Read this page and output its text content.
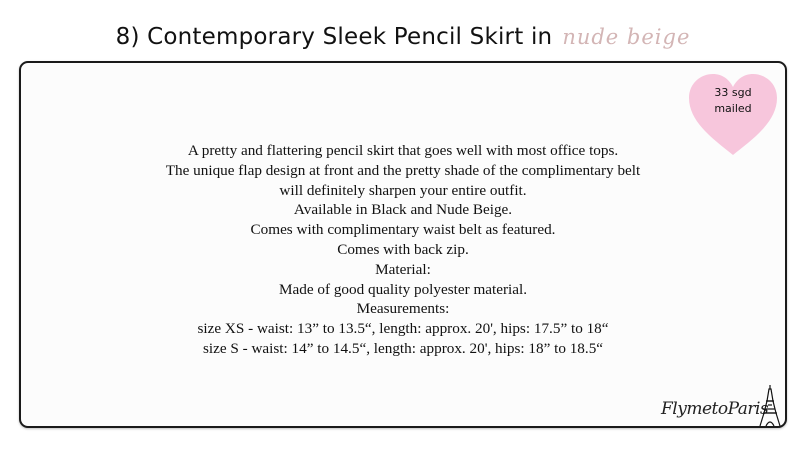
8) Contemporary Sleek Pencil Skirt in nude beige
33 sgd
mailed
A pretty and flattering pencil skirt that goes well with most office tops.
The unique flap design at front and the pretty shade of the complimentary belt
will definitely sharpen your entire outfit.
Available in Black and Nude Beige.
Comes with complimentary waist belt as featured.
Comes with back zip.
Material:
Made of good quality polyester material.
Measurements:
size XS - waist: 13” to 13.5“, length: approx. 20', hips: 17.5” to 18“
size S - waist: 14” to 14.5“, length: approx. 20', hips: 18” to 18.5“
FlymetoParis
